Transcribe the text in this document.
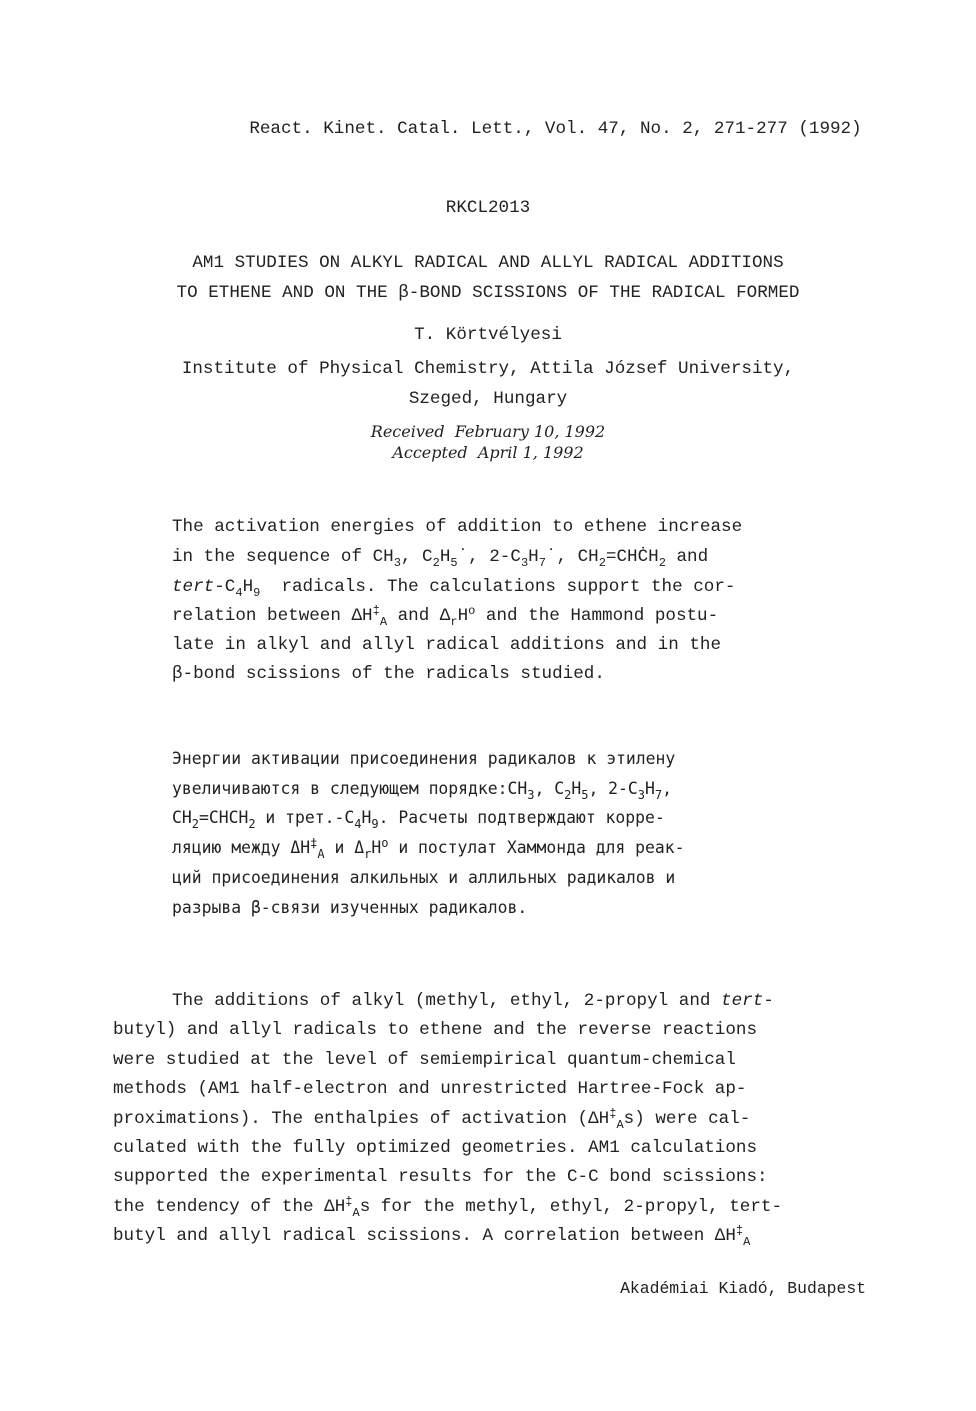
React. Kinet. Catal. Lett., Vol. 47, No. 2, 271-277 (1992)
RKCL2013
AM1 STUDIES ON ALKYL RADICAL AND ALLYL RADICAL ADDITIONS
TO ETHENE AND ON THE β-BOND SCISSIONS OF THE RADICAL FORMED
T. Körtvélyesi
Institute of Physical Chemistry, Attila József University,
Szeged, Hungary
Received  February 10, 1992
Accepted  April 1, 1992
The activation energies of addition to ethene increase
in the sequence of $CH_3$, $C_2H_5˙$, $2-C_3H_7˙$, $CH_2=CHĊH_2$ and
tert-$C_4H_9$  radicals. The calculations support the cor-
relation between $\Delta H^\ddagger_A$ and $\Delta_rH^o$ and the Hammond postu-
late in alkyl and allyl radical additions and in the
β-bond scissions of the radicals studied.
Энергии активации присоединения радикалов к этилену
увеличиваются в следующем $порядке:CH_3$, $C_2H_5$, $2-C_3H_7$,
$CH_2=CHCH_2$ и $трет.-C_4H_9$. Расчеты подтверждают корре-
ляцию между $\Delta H^\ddagger_A$ и $\Delta_rH^o$ и постулат Хаммонда для реак-
ций присоединения алкильных и аллильных радикалов и
разрыва β-связи изученных радикалов.
The additions of alkyl (methyl, ethyl, 2-propyl and tert-
butyl) and allyl radicals to ethene and the reverse reactions
were studied at the level of semiempirical quantum-chemical
methods (AM1 half-electron and unrestricted Hartree-Fock ap-
proximations). The enthalpies of activation $(\Delta H^\ddagger_As)$ were cal-
culated with the fully optimized geometries. AM1 calculations
supported the experimental results for the C-C bond scissions:
the tendency of the $\Delta H^\ddagger_As$ for the methyl, ethyl, 2-propyl, tert-
butyl and allyl radical scissions. A correlation between $\Delta H^\ddagger_A$
Akadémiai Kiadó, Budapest
